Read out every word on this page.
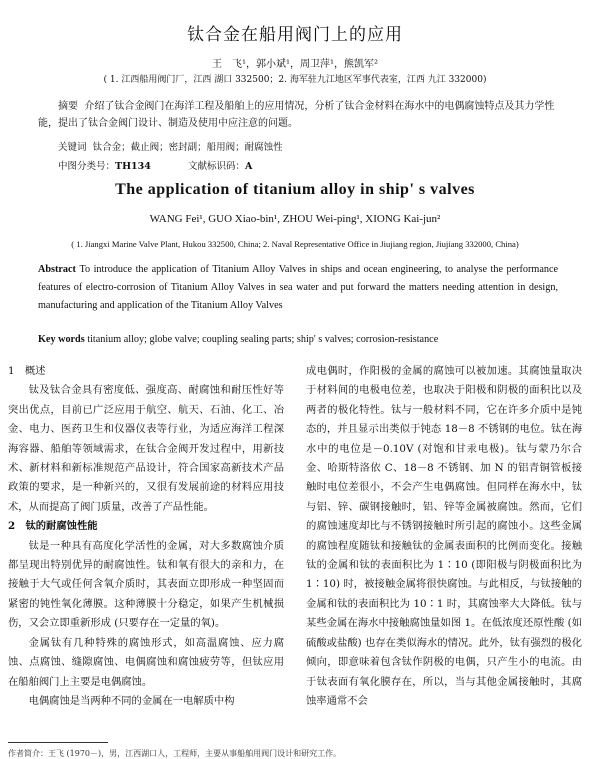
钛合金在船用阀门上的应用
王　飞¹，郭小斌¹，周卫萍¹，熊凯军²
( 1. 江西船用阀门厂，江西 湖口 332500；2. 海军驻九江地区军事代表室，江西 九江 332000)
摘要 介绍了钛合金阀门在海洋工程及船舶上的应用情况，分析了钛合金材料在海水中的电偶腐蚀特点及其力学性能，提出了钛合金阀门设计、制造及使用中应注意的问题。
关键词 钛合金；截止阀；密封副；船用阀；耐腐蚀性
中图分类号：TH134	文献标识码：A
The application of titanium alloy in ship' s valves
WANG Fei¹, GUO Xiao-bin¹, ZHOU Wei-ping¹, XIONG Kai-jun²
( 1. Jiangxi Marine Valve Plant, Hukou 332500, China; 2. Naval Representative Office in Jiujiang region, Jiujiang 332000, China)
Abstract To introduce the application of Titanium Alloy Valves in ships and ocean engineering, to analyse the performance features of electro-corrosion of Titanium Alloy Valves in sea water and put forward the matters needing attention in design, manufacturing and application of the Titanium Alloy Valves
Key words titanium alloy; globe valve; coupling sealing parts; ship' s valves; corrosion-resistance
1　概述

钛及钛合金具有密度低、强度高、耐腐蚀和耐压性好等突出优点，目前已广泛应用于航空、航天、石油、化工、冶金、电力、医药卫生和仪器仪表等行业，为适应海洋工程深海容器、船舶等领域需求，在钛合金阀开发过程中，用新技术、新材料和新标准规范产品设计，符合国家高新技术产品政策的要求，是一种新兴的，又很有发展前途的材料应用技术，从而提高了阀门质量，改善了产品性能。

2　钛的耐腐蚀性能

钛是一种具有高度化学活性的金属，对大多数腐蚀介质都呈现出特别优异的耐腐蚀性。钛和氧有很大的亲和力，在接触于大气或任何含氧介质时，其表面立即形成一种坚固而紧密的钝性氧化薄膜。这种薄膜十分稳定，如果产生机械损伤，又会立即重新形成 (只要存在一定量的氧)。

金属钛有几种特殊的腐蚀形式，如高温腐蚀、应力腐蚀、点腐蚀、缝隙腐蚀、电偶腐蚀和腐蚀疲劳等，但钛应用在船舶阀门上主要是电偶腐蚀。

电偶腐蚀是当两种不同的金属在一电解质中构

成电偶时，作阳极的金属的腐蚀可以被加速。其腐蚀量取决于材料间的电极电位差，也取决于阳极和阴极的面积比以及两者的极化特性。钛与一般材料不同，它在许多介质中是钝态的，并且显示出类似于钝态 18－8 不锈钢的电位。钛在海水中的电位是－0.10V (对饱和甘汞电极)。钛与蒙乃尔合金、哈斯特洛依 C、18－8 不锈钢、加 N 的铝青铜管板接触时电位差很小，不会产生电偶腐蚀。但同样在海水中，钛与铝、锌、碳钢接触时，铝、锌等金属被腐蚀。然而，它们的腐蚀速度却比与不锈钢接触时所引起的腐蚀小。这些金属的腐蚀程度随钛和接触钛的金属表面积的比例而变化。接触钛的金属和钛的表面积比为 1∶10 (即阳极与阴极面积比为 1∶10) 时，被接触金属将很快腐蚀。与此相反，与钛接触的金属和钛的表面积比为 10∶1 时，其腐蚀率大大降低。钛与某些金属在海水中接触腐蚀量如图 1。在低浓度还原性酸 (如硫酸或盐酸) 也存在类似海水的情况。此外，钛有强烈的极化倾向，即意味着包含钛作阴极的电偶，只产生小的电流。由于钛表面有氧化膜存在，所以，当与其他金属接触时，其腐蚀率通常不会

作者简介：王飞 (1970－)，男，江西湖口人，工程师，主要从事船舶用阀门设计和研究工作。
